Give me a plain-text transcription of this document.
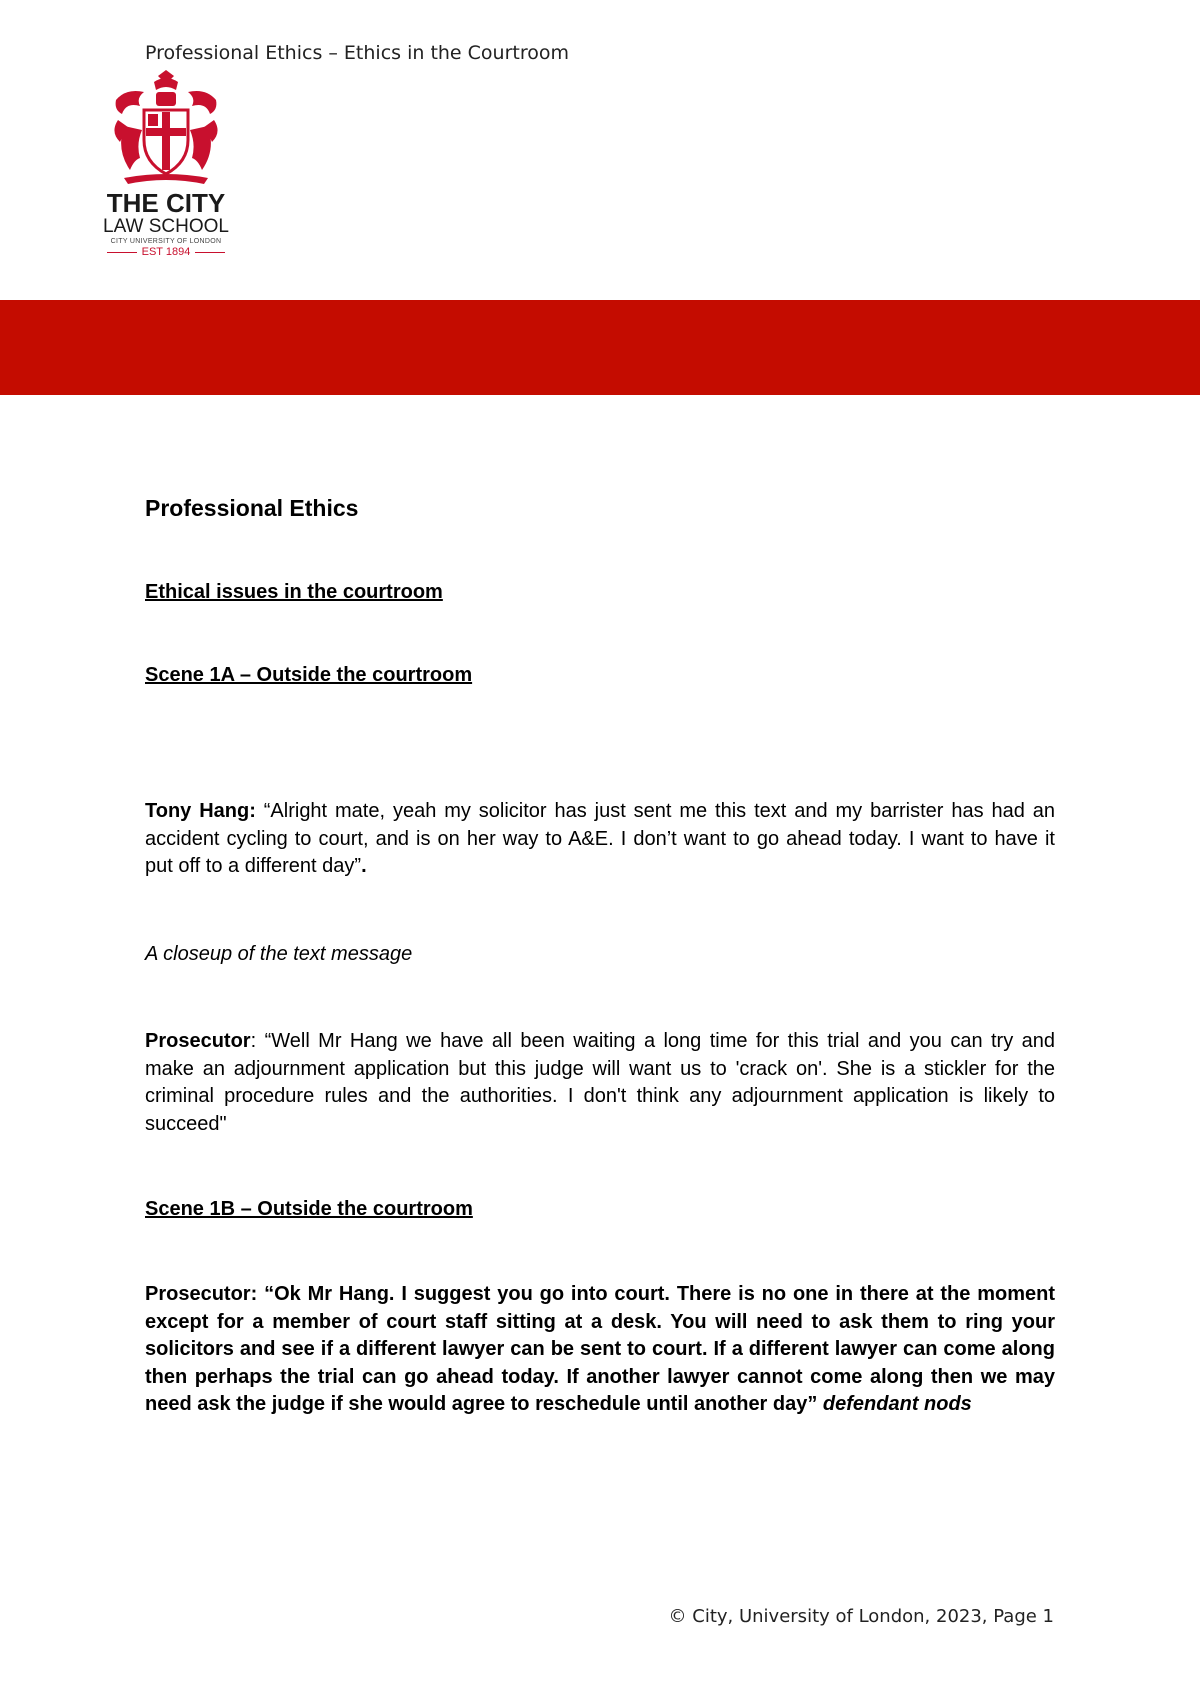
Professional Ethics – Ethics in the Courtroom
THE CITY
LAW SCHOOL
CITY UNIVERSITY OF LONDON
EST 1894
Professional Ethics
Ethical issues in the courtroom
Scene 1A – Outside the courtroom

Tony Hang: “Alright mate, yeah my solicitor has just sent me this text and my barrister has had an accident cycling to court, and is on her way to A&E. I don’t want to go ahead today. I want to have it put off to a different day”.

A closeup of the text message

Prosecutor: “Well Mr Hang we have all been waiting a long time for this trial and you can try and make an adjournment application but this judge will want us to 'crack on'. She is a stickler for the criminal procedure rules and the authorities. I don't think any adjournment application is likely to succeed"

Scene 1B – Outside the courtroom

Prosecutor: “Ok Mr Hang. I suggest you go into court. There is no one in there at the moment except for a member of court staff sitting at a desk. You will need to ask them to ring your solicitors and see if a different lawyer can be sent to court. If a different lawyer can come along then perhaps the trial can go ahead today. If another lawyer cannot come along then we may need ask the judge if she would agree to reschedule until another day” defendant nods

© City, University of London, 2023, Page 1
